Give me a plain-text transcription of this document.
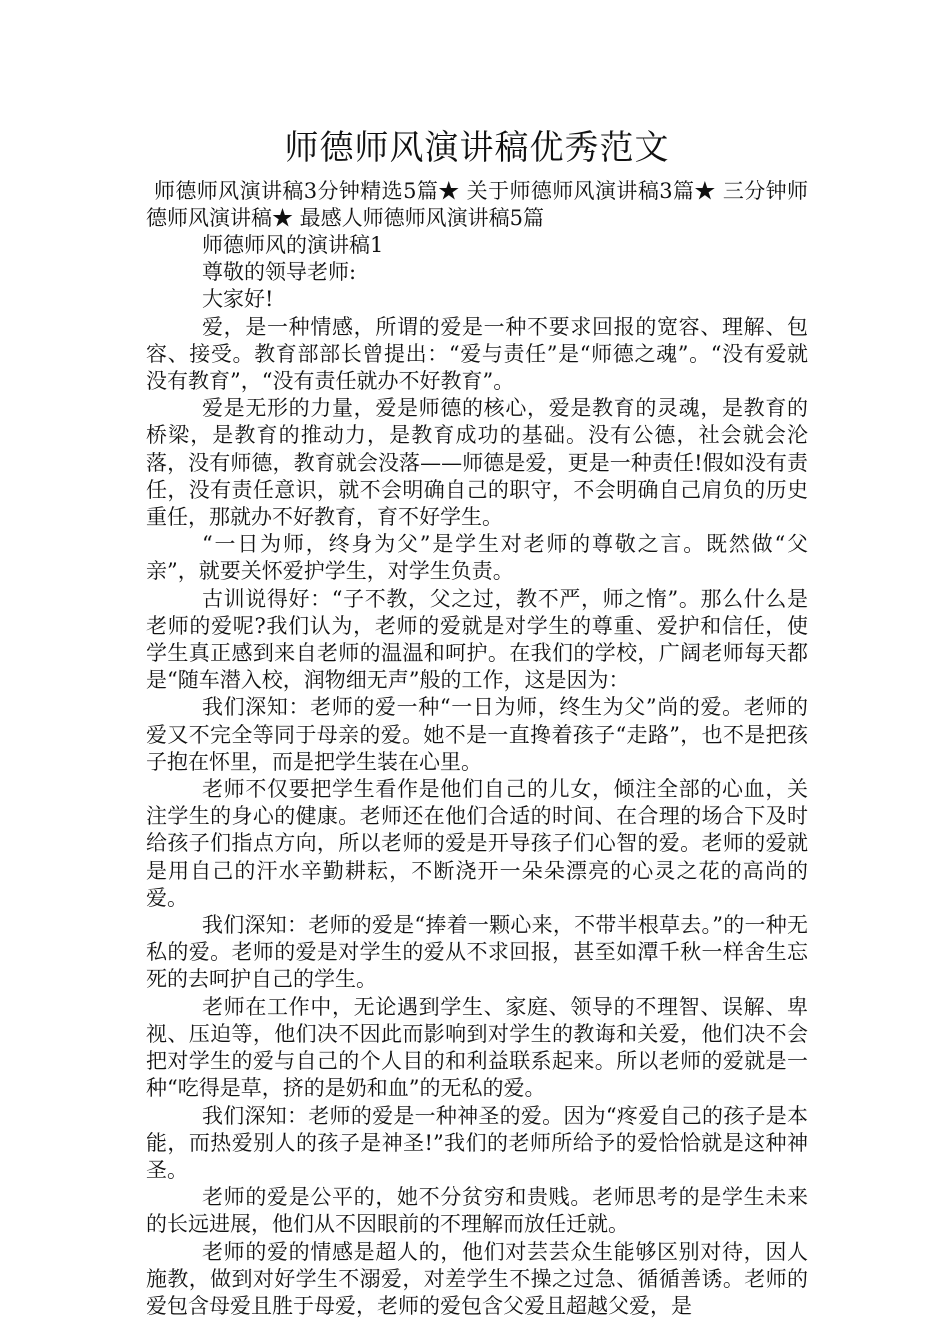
师德师风演讲稿优秀范文

师德师风演讲稿3分钟精选5篇★ 关于师德师风演讲稿3篇★ 三分钟师德师风演讲稿★ 最感人师德师风演讲稿5篇

师德师风的演讲稿1

尊敬的领导老师:

大家好!

爱，是一种情感，所谓的爱是一种不要求回报的宽容、理解、包容、接受。教育部部长曾提出：“爱与责任”是“师德之魂”。“没有爱就没有教育”，“没有责任就办不好教育”。

爱是无形的力量，爱是师德的核心，爱是教育的灵魂，是教育的桥梁，是教育的推动力，是教育成功的基础。没有公德，社会就会沦落，没有师德，教育就会没落——师德是爱，更是一种责任!假如没有责任，没有责任意识，就不会明确自己的职守，不会明确自己肩负的历史重任，那就办不好教育，育不好学生。

“一日为师，终身为父”是学生对老师的尊敬之言。既然做“父亲”，就要关怀爱护学生，对学生负责。

古训说得好：“子不教，父之过，教不严，师之惰”。那么什么是老师的爱呢?我们认为，老师的爱就是对学生的尊重、爱护和信任，使学生真正感到来自老师的温温和呵护。在我们的学校，广阔老师每天都是“随车潜入校，润物细无声”般的工作，这是因为：

我们深知：老师的爱一种“一日为师，终生为父”尚的爱。老师的爱又不完全等同于母亲的爱。她不是一直搀着孩子“走路”，也不是把孩子抱在怀里，而是把学生装在心里。

老师不仅要把学生看作是他们自己的儿女，倾注全部的心血，关注学生的身心的健康。老师还在他们合适的时间、在合理的场合下及时给孩子们指点方向，所以老师的爱是开导孩子们心智的爱。老师的爱就是用自己的汗水辛勤耕耘，不断浇开一朵朵漂亮的心灵之花的高尚的爱。

我们深知：老师的爱是“捧着一颗心来，不带半根草去。”的一种无私的爱。老师的爱是对学生的爱从不求回报，甚至如潭千秋一样舍生忘死的去呵护自己的学生。

老师在工作中，无论遇到学生、家庭、领导的不理智、误解、卑视、压迫等，他们决不因此而影响到对学生的教诲和关爱，他们决不会把对学生的爱与自己的个人目的和利益联系起来。所以老师的爱就是一种“吃得是草，挤的是奶和血”的无私的爱。

我们深知：老师的爱是一种神圣的爱。因为“疼爱自己的孩子是本能，而热爱别人的孩子是神圣!”我们的老师所给予的爱恰恰就是这种神圣。

老师的爱是公平的，她不分贫穷和贵贱。老师思考的是学生未来的长远进展，他们从不因眼前的不理解而放任迁就。

老师的爱的情感是超人的，他们对芸芸众生能够区别对待，因人施教，做到对好学生不溺爱，对差学生不操之过急、循循善诱。老师的爱包含母爱且胜于母爱，老师的爱包含父爱且超越父爱，是
